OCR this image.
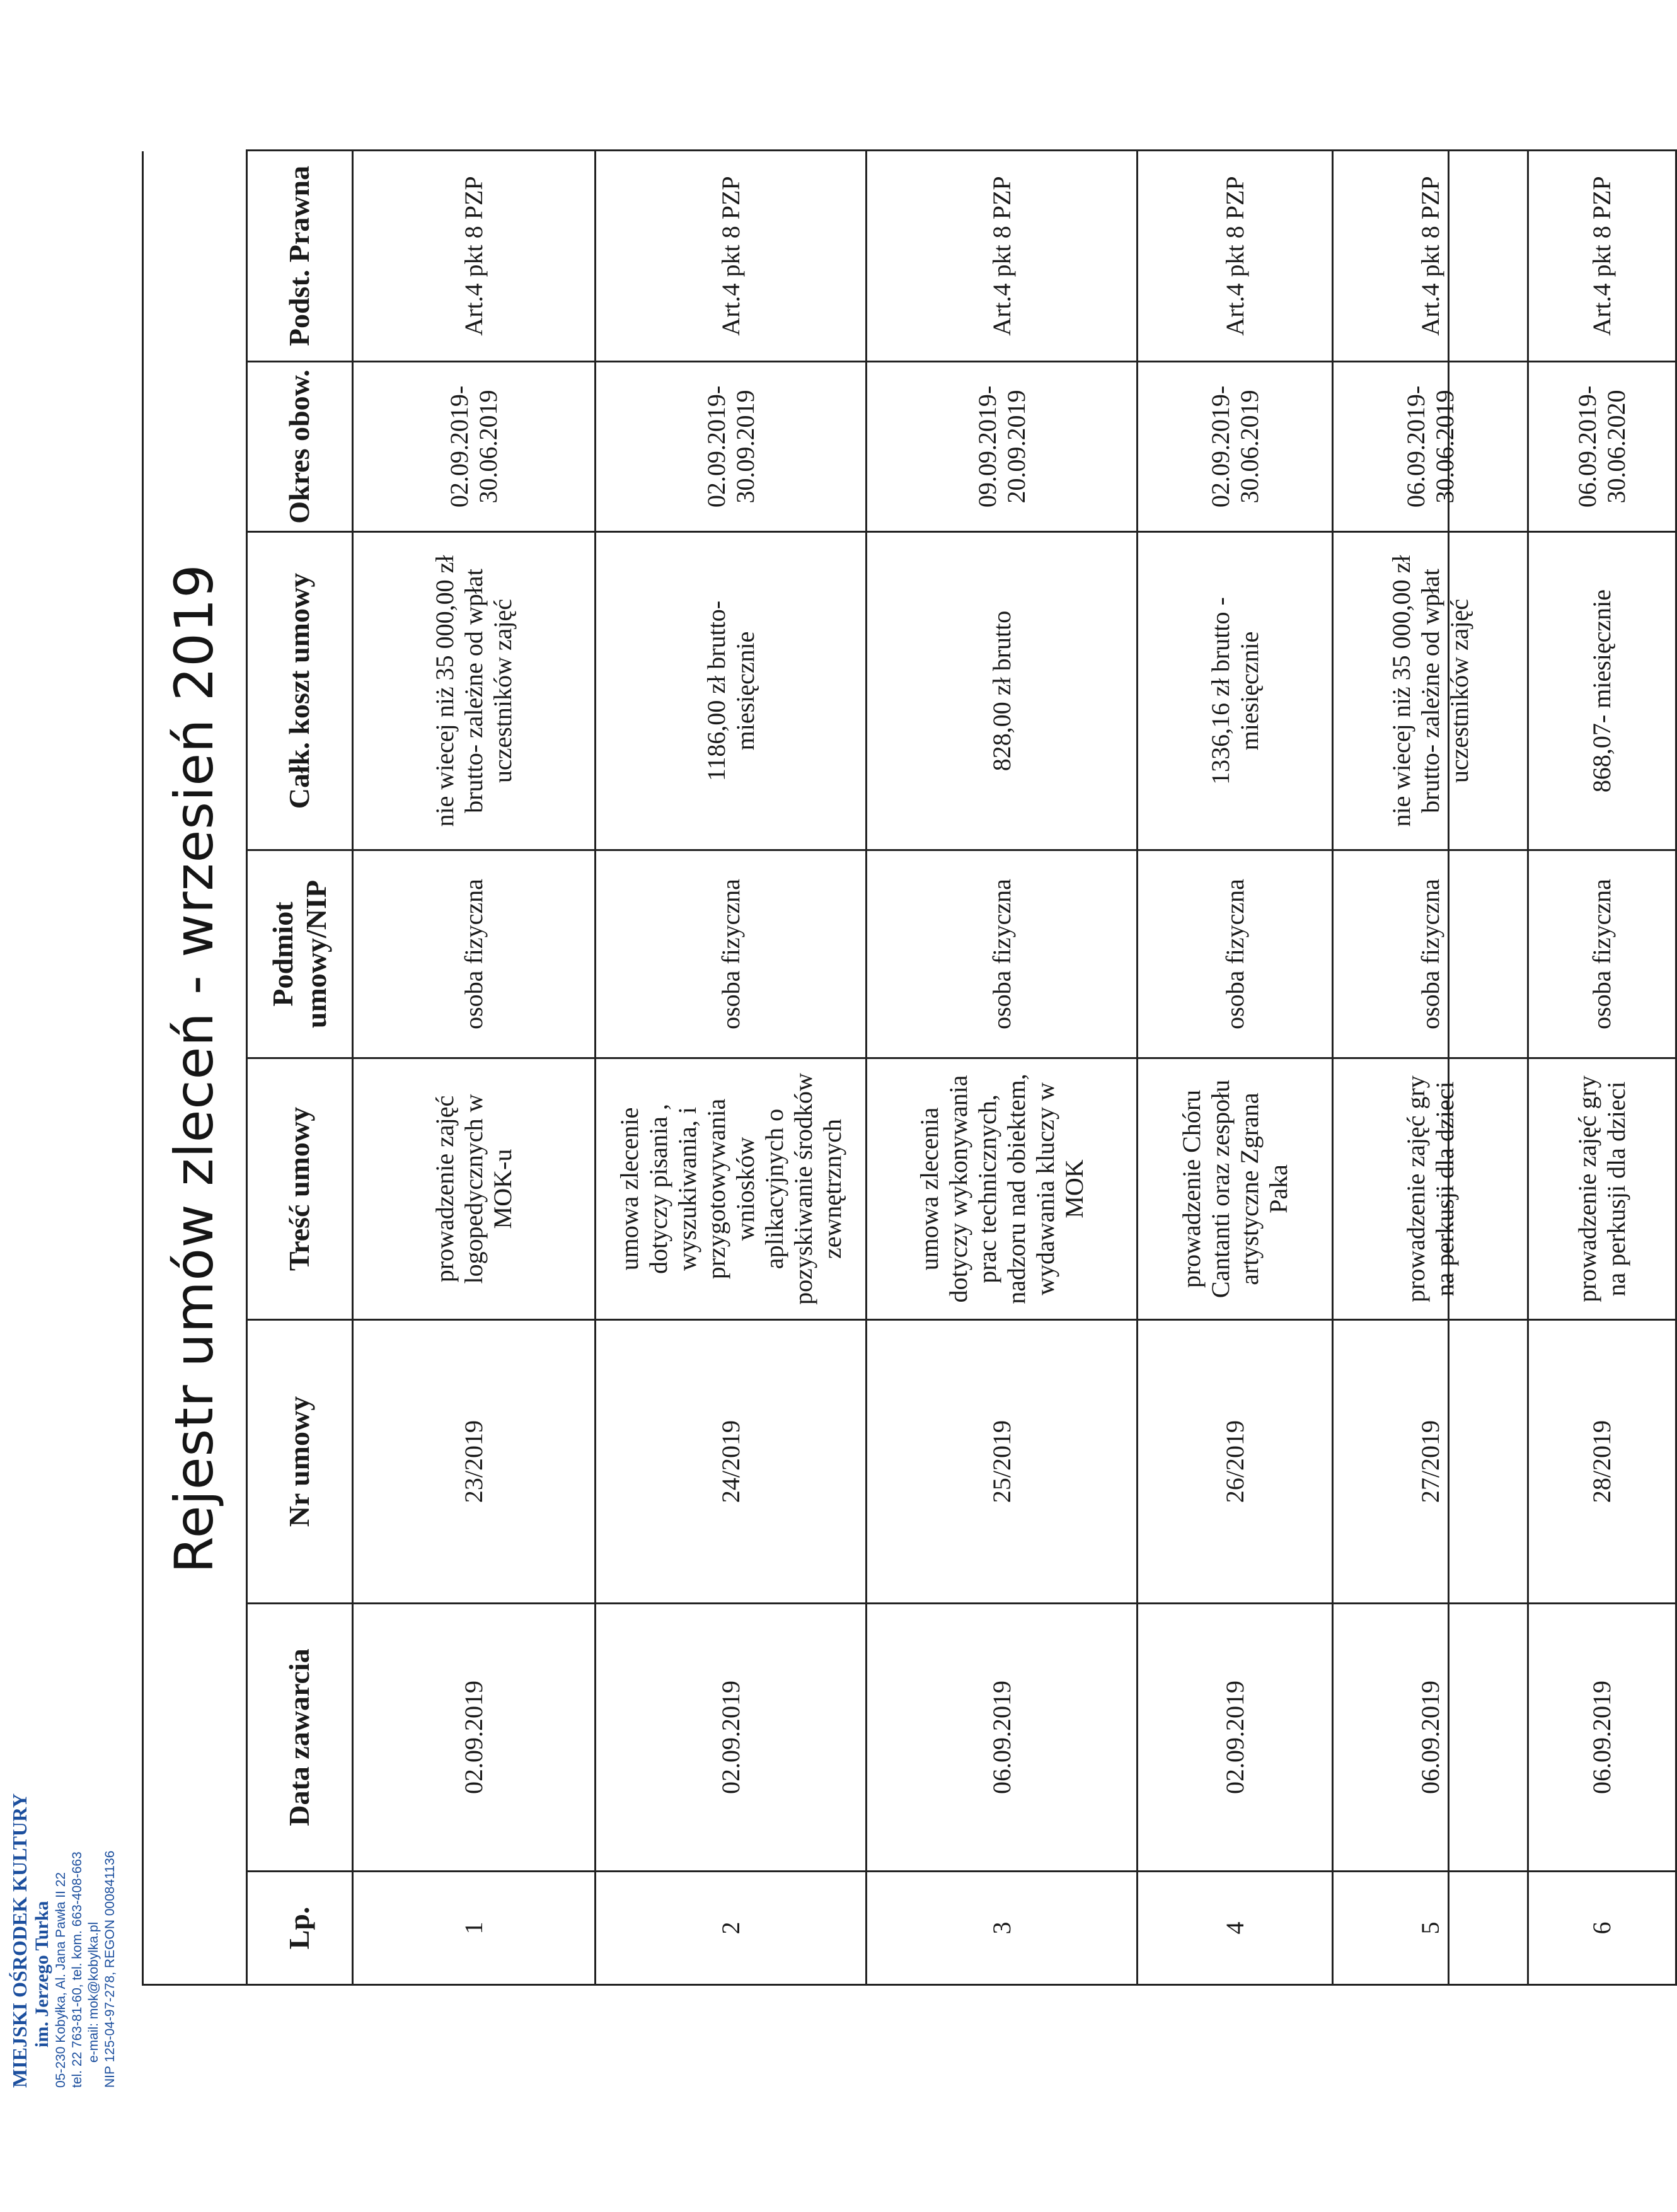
MIEJSKI OŚRODEK KULTURY im. Jerzego Turka 05-230 Kobyłka, Al. Jana Pawła II 22 tel. 22 763-81-60, tel. kom. 663-408-663 e-mail: mok@kobylka.pl NIP 125-04-97-278, REGON 000841136
Rejestr umów zleceń - wrzesień 2019
Lp.	Data zawarcia	Nr umowy	Treść umowy	Podmiot umowy/NIP	Całk. koszt umowy	Okres obow.	Podst. Prawna
1	02.09.2019	23/2019	prowadzenie zajęć logopedycznych w MOK-u	osoba fizyczna	nie wiecej niż 35 000,00 zł brutto- zależne od wpłat uczestników zajęć	02.09.2019- 30.06.2019	Art.4 pkt 8 PZP
2	02.09.2019	24/2019	umowa zlecenie dotyczy pisania , wyszukiwania, i przygotowywania wniosków aplikacyjnych o pozyskiwanie środków zewnętrznych	osoba fizyczna	1186,00 zł brutto- miesięcznie	02.09.2019- 30.09.2019	Art.4 pkt 8 PZP
3	06.09.2019	25/2019	umowa zlecenia dotyczy wykonywania prac technicznych, nadzoru nad obiektem, wydawania kluczy w MOK	osoba fizyczna	828,00 zł brutto	09.09.2019- 20.09.2019	Art.4 pkt 8 PZP
4	02.09.2019	26/2019	prowadzenie Chóru Cantanti oraz zespołu artystyczne Zgrana Paka	osoba fizyczna	1336,16 zł brutto - miesięcznie	02.09.2019- 30.06.2019	Art.4 pkt 8 PZP
5	06.09.2019	27/2019	prowadzenie zajęć gry na perkusji dla dzieci	osoba fizyczna	nie wiecej niż 35 000,00 zł brutto- zależne od wpłat uczestników zajęć	06.09.2019- 30.06.2019	Art.4 pkt 8 PZP
6	06.09.2019	28/2019	prowadzenie zajęć gry na perkusji dla dzieci	osoba fizyczna	868,07- miesięcznie	06.09.2019- 30.06.2020	Art.4 pkt 8 PZP
